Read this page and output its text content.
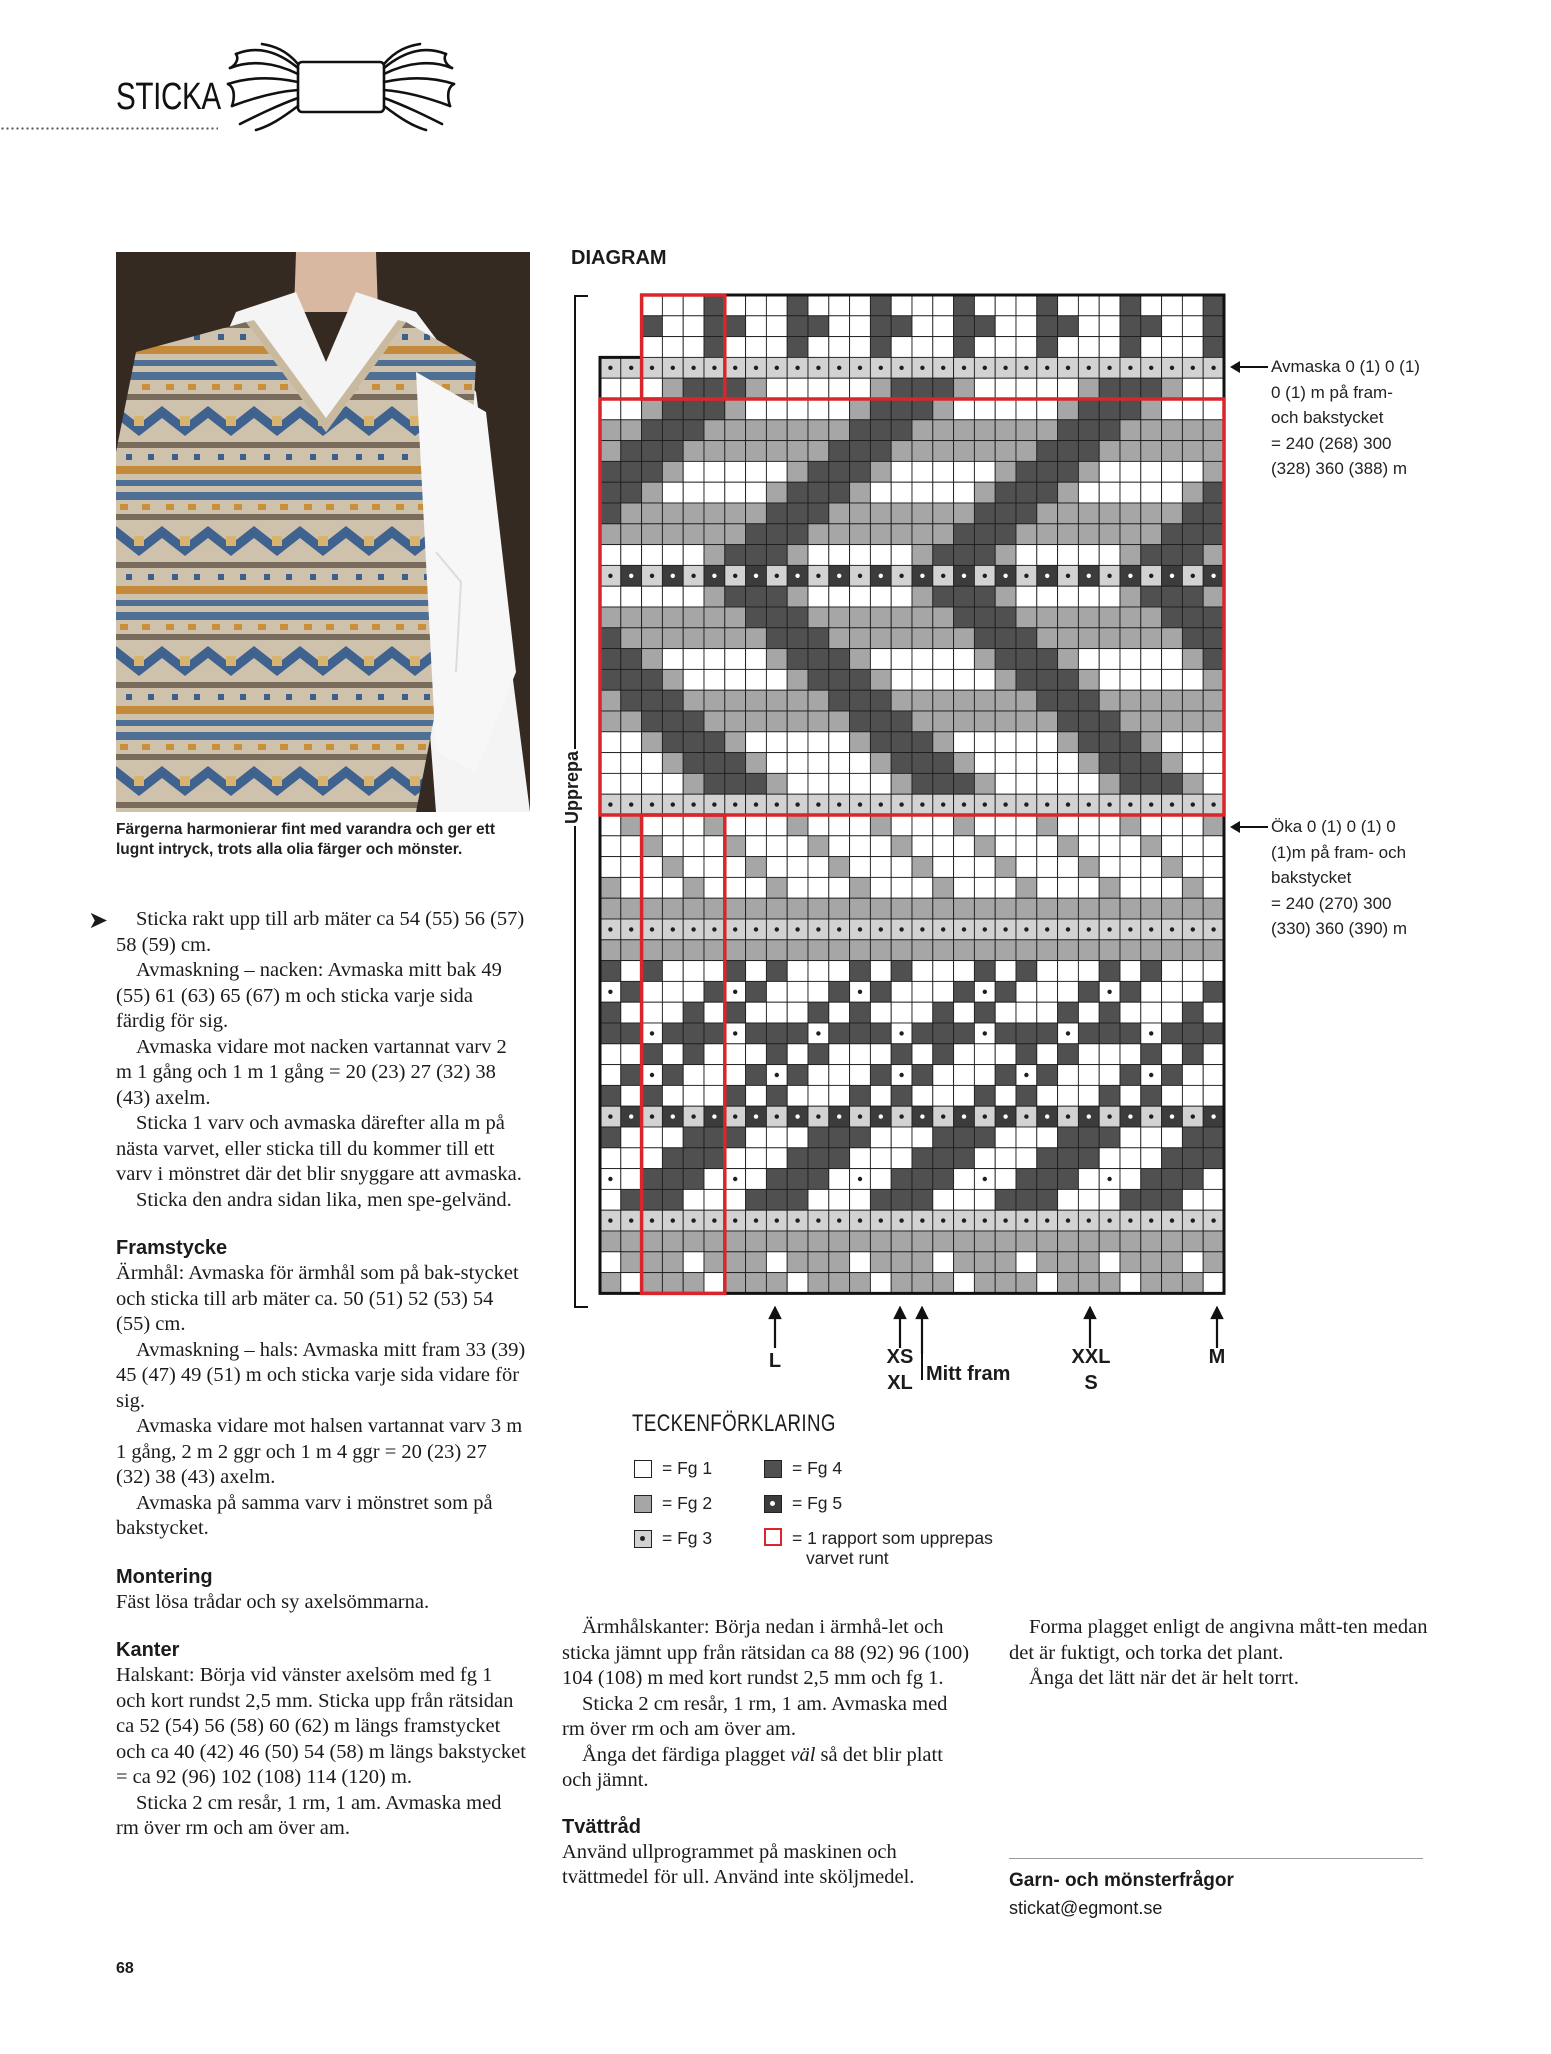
STICKA
Färgerna harmonierar fint med varandra och ger ett lugnt intryck, trots alla olia färger och mönster.
➤	Sticka rakt upp till arb mäter ca 54 (55) 56 (57) 58 (59) cm.

Avmaskning – nacken: Avmaska mitt bak 49 (55) 61 (63) 65 (67) m och sticka varje sida färdig för sig.

Avmaska vidare mot nacken vartannat varv 2 m 1 gång och 1 m 1 gång = 20 (23) 27 (32) 38 (43) axelm.

Sticka 1 varv och avmaska därefter alla m på nästa varvet, eller sticka till du kommer till ett varv i mönstret där det blir snyggare att avmaska.

Sticka den andra sidan lika, men spe-gelvänd.

Framstycke

Ärmhål: Avmaska för ärmhål som på bak-stycket och sticka till arb mäter ca. 50 (51) 52 (53) 54 (55) cm.

Avmaskning – hals: Avmaska mitt fram 33 (39) 45 (47) 49 (51) m och sticka varje sida vidare för sig.

Avmaska vidare mot halsen vartannat varv 3 m 1 gång, 2 m 2 ggr och 1 m 4 ggr = 20 (23) 27 (32) 38 (43) axelm.

Avmaska på samma varv i mönstret som på bakstycket.

Montering

Fäst lösa trådar och sy axelsömmarna.

Kanter

Halskant: Börja vid vänster axelsöm med fg 1 och kort rundst 2,5 mm. Sticka upp från rätsidan ca 52 (54) 56 (58) 60 (62) m längs framstycket och ca 40 (42) 46 (50) 54 (58) m längs bakstycket = ca 92 (96) 102 (108) 114 (120) m.

Sticka 2 cm resår, 1 rm, 1 am. Avmaska med rm över rm och am över am.

Ärmhålskanter: Börja nedan i ärmhå-let och sticka jämnt upp från rätsidan ca 88 (92) 96 (100) 104 (108) m med kort rundst 2,5 mm och fg 1.

Sticka 2 cm resår, 1 rm, 1 am. Avmaska med rm över rm och am över am.

Ånga det färdiga plagget väl så det blir platt och jämnt.

Tvättråd

Använd ullprogrammet på maskinen och tvättmedel för ull. Använd inte sköljmedel.

Forma plagget enligt de angivna mått-ten medan det är fuktigt, och torka det plant.

Ånga det lätt när det är helt torrt.

Garn- och mönsterfrågor
stickat@egmont.se
68
DIAGRAM
Upprepa
Avmaska 0 (1) 0 (1)
0 (1) m på fram-
och bakstycket
= 240 (268) 300
(328) 360 (388) m
Öka 0 (1) 0 (1) 0
(1)m på fram- och
bakstycket
= 240 (270) 300
(330) 360 (390) m
L	XS
XL Mitt fram
XXL
S
M
TECKENFÖRKLARING
= Fg 1
= Fg 2
= Fg 3
= Fg 4
= Fg 5
= 1 rapport som upprepas
varvet runt
